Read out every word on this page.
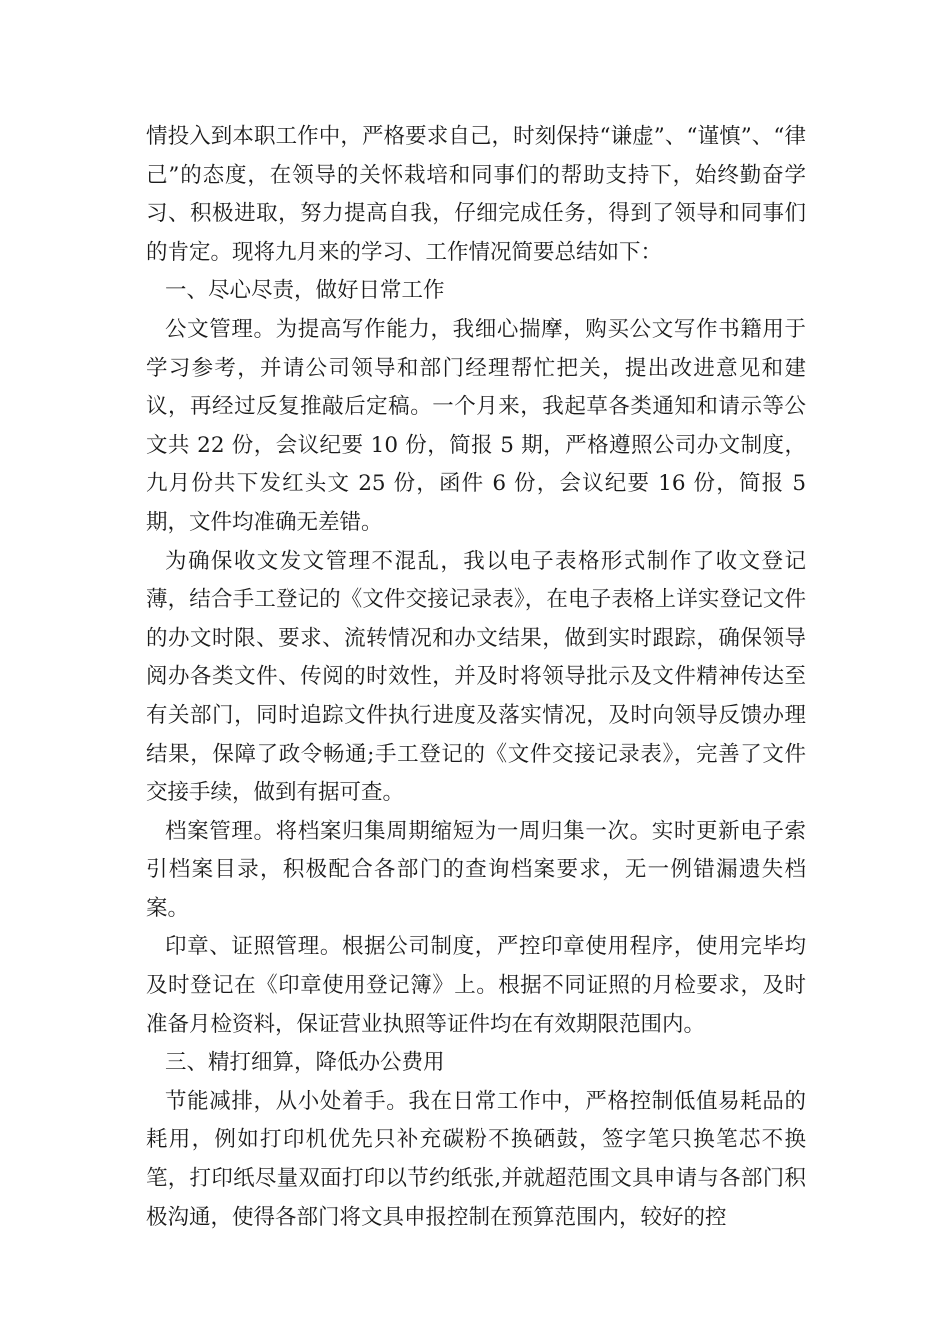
情投入到本职工作中，严格要求自己，时刻保持“谦虚”、“谨慎”、“律己”的态度，在领导的关怀栽培和同事们的帮助支持下，始终勤奋学习、积极进取，努力提高自我，仔细完成任务，得到了领导和同事们的肯定。现将九月来的学习、工作情况简要总结如下：

一、尽心尽责，做好日常工作

公文管理。为提高写作能力，我细心揣摩，购买公文写作书籍用于学习参考，并请公司领导和部门经理帮忙把关，提出改进意见和建议，再经过反复推敲后定稿。一个月来，我起草各类通知和请示等公文共 22 份，会议纪要 10 份，简报 5 期，严格遵照公司办文制度，九月份共下发红头文 25 份，函件 6 份，会议纪要 16 份，简报 5 期，文件均准确无差错。

为确保收文发文管理不混乱，我以电子表格形式制作了收文登记薄，结合手工登记的《文件交接记录表》，在电子表格上详实登记文件的办文时限、要求、流转情况和办文结果，做到实时跟踪，确保领导阅办各类文件、传阅的时效性，并及时将领导批示及文件精神传达至有关部门，同时追踪文件执行进度及落实情况，及时向领导反馈办理结果，保障了政令畅通;手工登记的《文件交接记录表》，完善了文件交接手续，做到有据可查。

档案管理。将档案归集周期缩短为一周归集一次。实时更新电子索引档案目录，积极配合各部门的查询档案要求，无一例错漏遗失档案。

印章、证照管理。根据公司制度，严控印章使用程序，使用完毕均及时登记在《印章使用登记簿》上。根据不同证照的月检要求，及时准备月检资料，保证营业执照等证件均在有效期限范围内。

三、精打细算，降低办公费用

节能减排，从小处着手。我在日常工作中，严格控制低值易耗品的耗用，例如打印机优先只补充碳粉不换硒鼓，签字笔只换笔芯不换笔，打印纸尽量双面打印以节约纸张,并就超范围文具申请与各部门积极沟通，使得各部门将文具申报控制在预算范围内，较好的控
